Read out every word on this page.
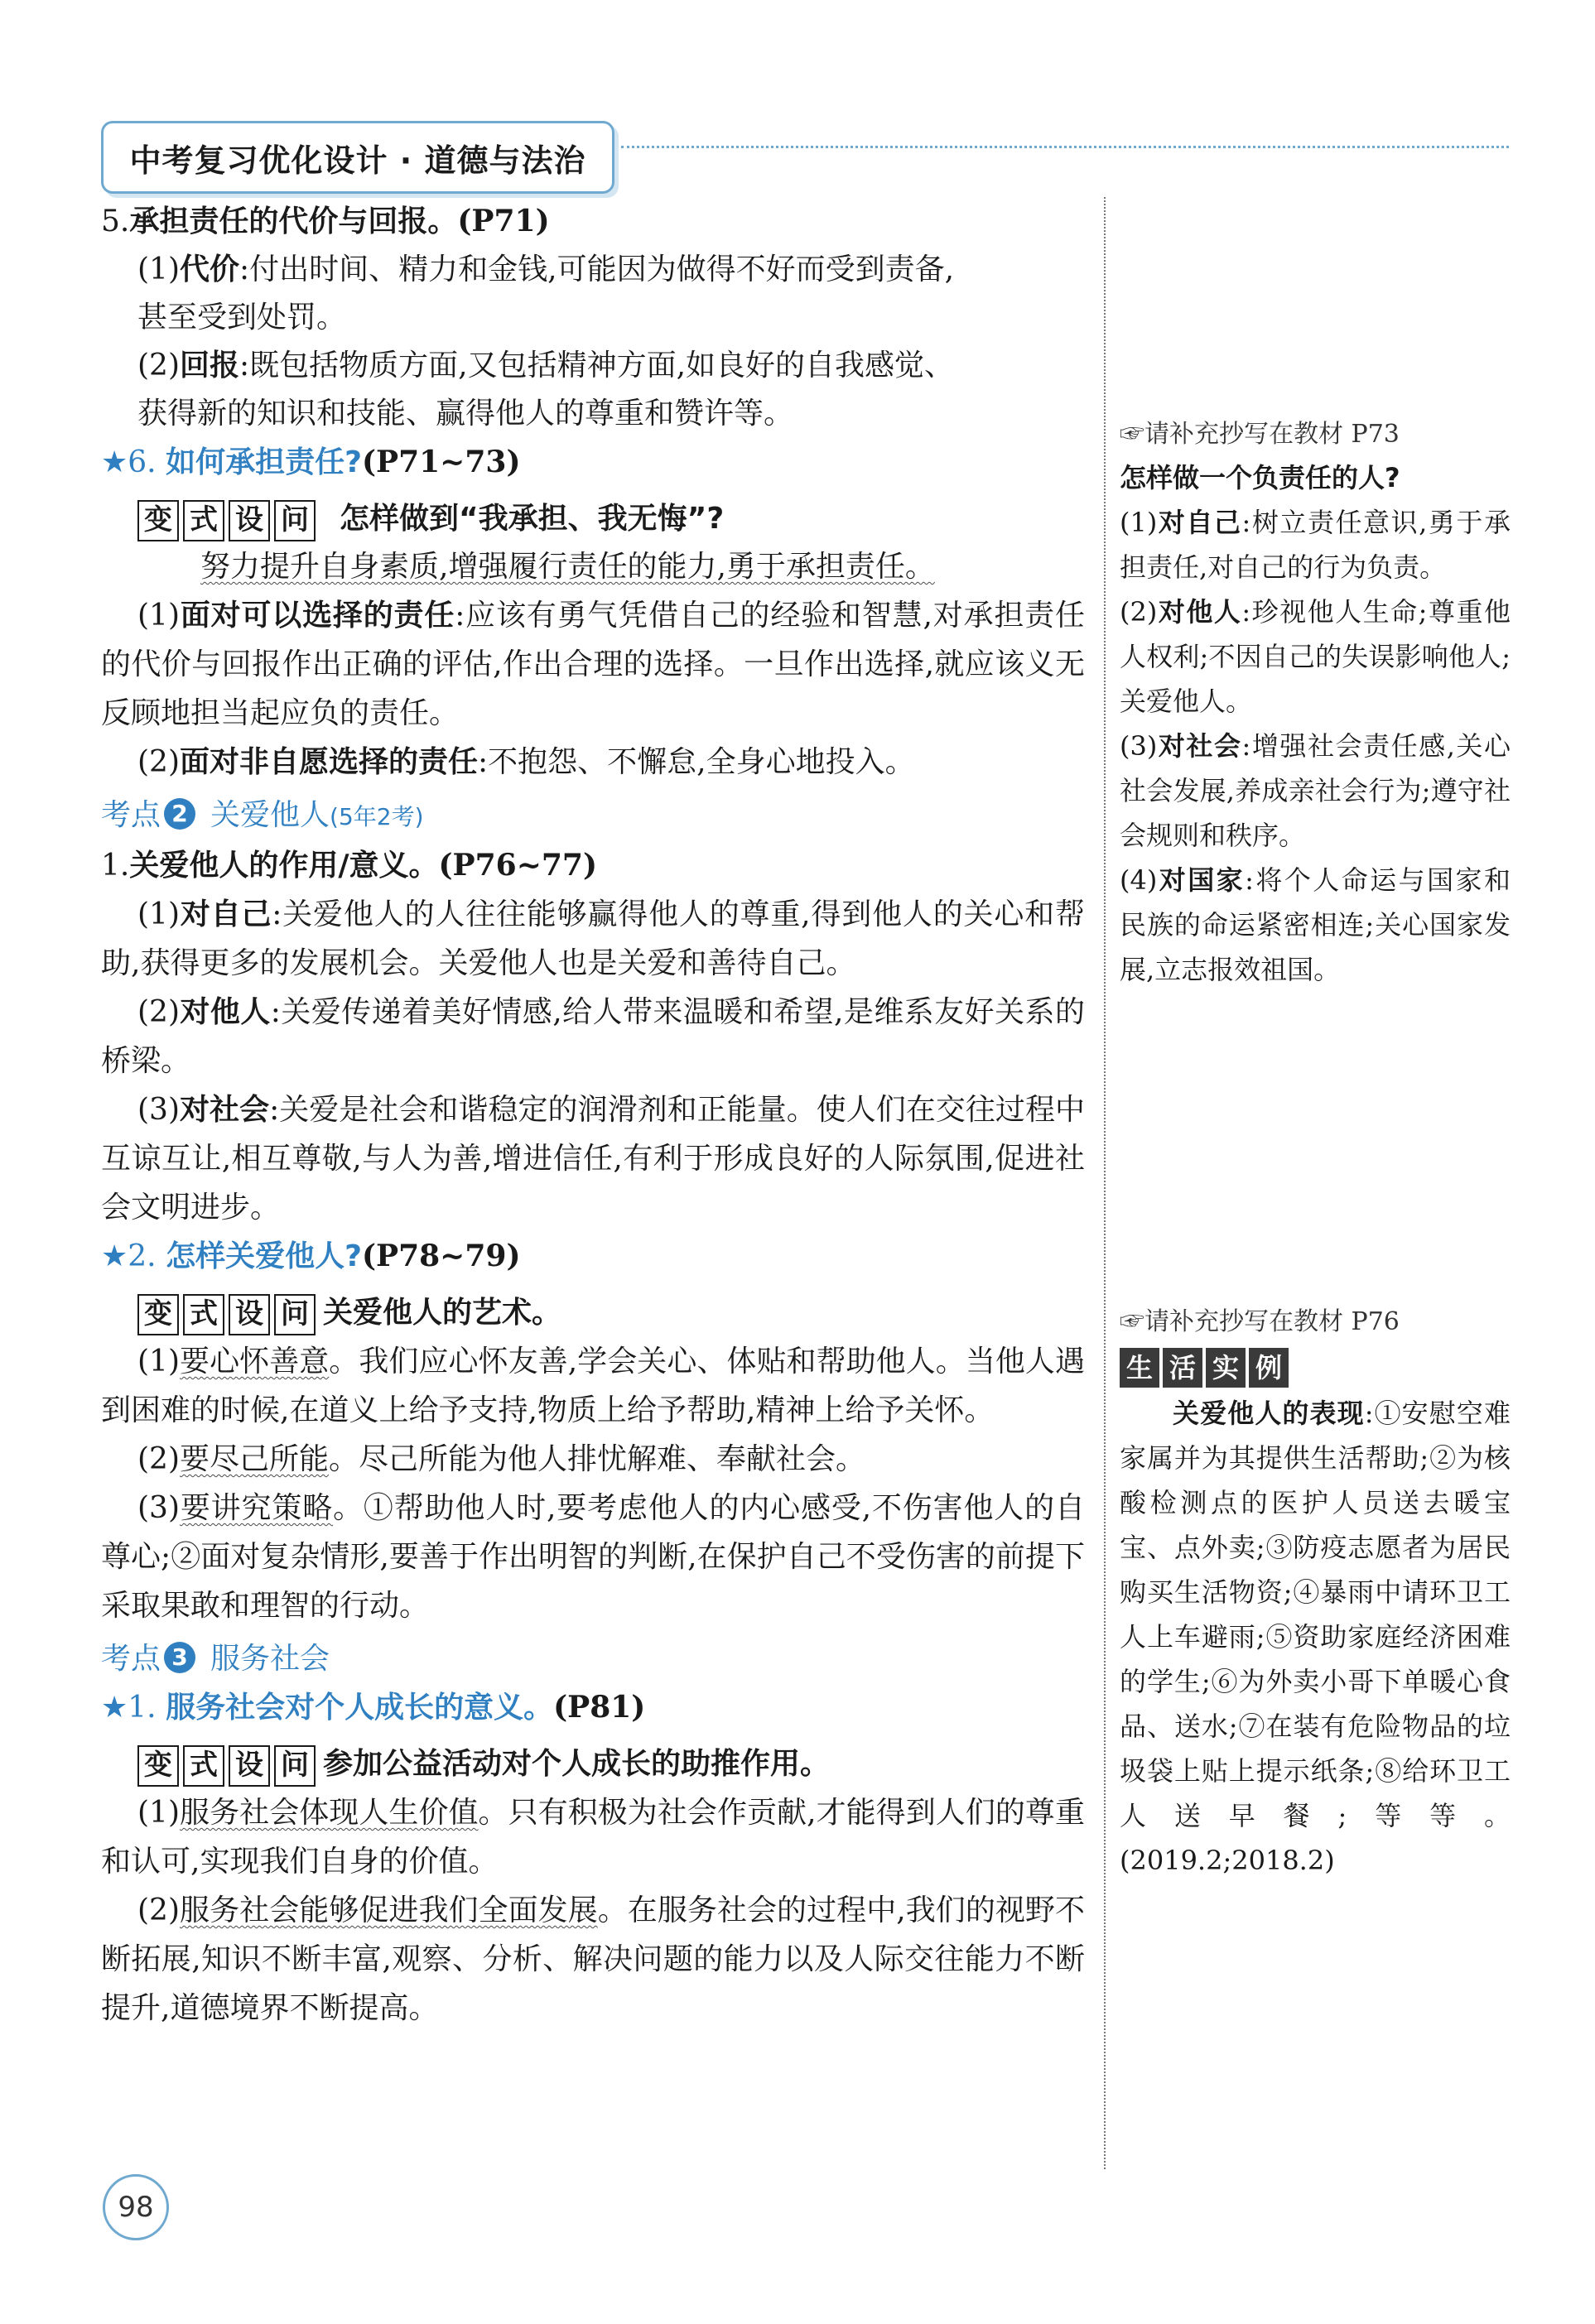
中考复习优化设计 · 道德与法治

5.承担责任的代价与回报。(P71)

(1)代价:付出时间、精力和金钱,可能因为做得不好而受到责备,

甚至受到处罚。

(2)回报:既包括物质方面,又包括精神方面,如良好的自我感觉、

获得新的知识和技能、赢得他人的尊重和赞许等。

★6. 如何承担责任?(P71~73)

变 式 设 问 怎样做到“我承担、我无悔”?

努力提升自身素质,增强履行责任的能力,勇于承担责任。

(1)面对可以选择的责任:应该有勇气凭借自己的经验和智慧,对承担责任的代价与回报作出正确的评估,作出合理的选择。一旦作出选择,就应该义无反顾地担当起应负的责任。

(2)面对非自愿选择的责任:不抱怨、不懈怠,全身心地投入。

考点 2 关爱他人(5年2考)

1.关爱他人的作用/意义。(P76~77)

(1)对自己:关爱他人的人往往能够赢得他人的尊重,得到他人的关心和帮助,获得更多的发展机会。关爱他人也是关爱和善待自己。

(2)对他人:关爱传递着美好情感,给人带来温暖和希望,是维系友好关系的桥梁。

(3)对社会:关爱是社会和谐稳定的润滑剂和正能量。使人们在交往过程中互谅互让,相互尊敬,与人为善,增进信任,有利于形成良好的人际氛围,促进社会文明进步。

★2. 怎样关爱他人?(P78~79)

变 式 设 问 关爱他人的艺术。

(1)要心怀善意。我们应心怀友善,学会关心、体贴和帮助他人。当他人遇到困难的时候,在道义上给予支持,物质上给予帮助,精神上给予关怀。

(2)要尽己所能。尽己所能为他人排忧解难、奉献社会。

(3)要讲究策略。①帮助他人时,要考虑他人的内心感受,不伤害他人的自尊心;②面对复杂情形,要善于作出明智的判断,在保护自己不受伤害的前提下采取果敢和理智的行动。

考点 3 服务社会

★1. 服务社会对个人成长的意义。(P81)

变 式 设 问 参加公益活动对个人成长的助推作用。

(1)服务社会体现人生价值。只有积极为社会作贡献,才能得到人们的尊重和认可,实现我们自身的价值。

(2)服务社会能够促进我们全面发展。在服务社会的过程中,我们的视野不断拓展,知识不断丰富,观察、分析、解决问题的能力以及人际交往能力不断提升,道德境界不断提高。

☞请补充抄写在教材 P73

怎样做一个负责任的人?

(1)对自己:树立责任意识,勇于承担责任,对自己的行为负责。

(2)对他人:珍视他人生命;尊重他人权利;不因自己的失误影响他人;关爱他人。

(3)对社会:增强社会责任感,关心社会发展,养成亲社会行为;遵守社会规则和秩序。

(4)对国家:将个人命运与国家和民族的命运紧密相连;关心国家发展,立志报效祖国。

☞请补充抄写在教材 P76

生 活 实 例

关爱他人的表现:①安慰空难家属并为其提供生活帮助;②为核酸检测点的医护人员送去暖宝宝、点外卖;③防疫志愿者为居民购买生活物资;④暴雨中请环卫工人上车避雨;⑤资助家庭经济困难的学生;⑥为外卖小哥下单暖心食品、送水;⑦在装有危险物品的垃圾袋上贴上提示纸条;⑧给环卫工人送早餐;等等。(2019.2;2018.2)

98
